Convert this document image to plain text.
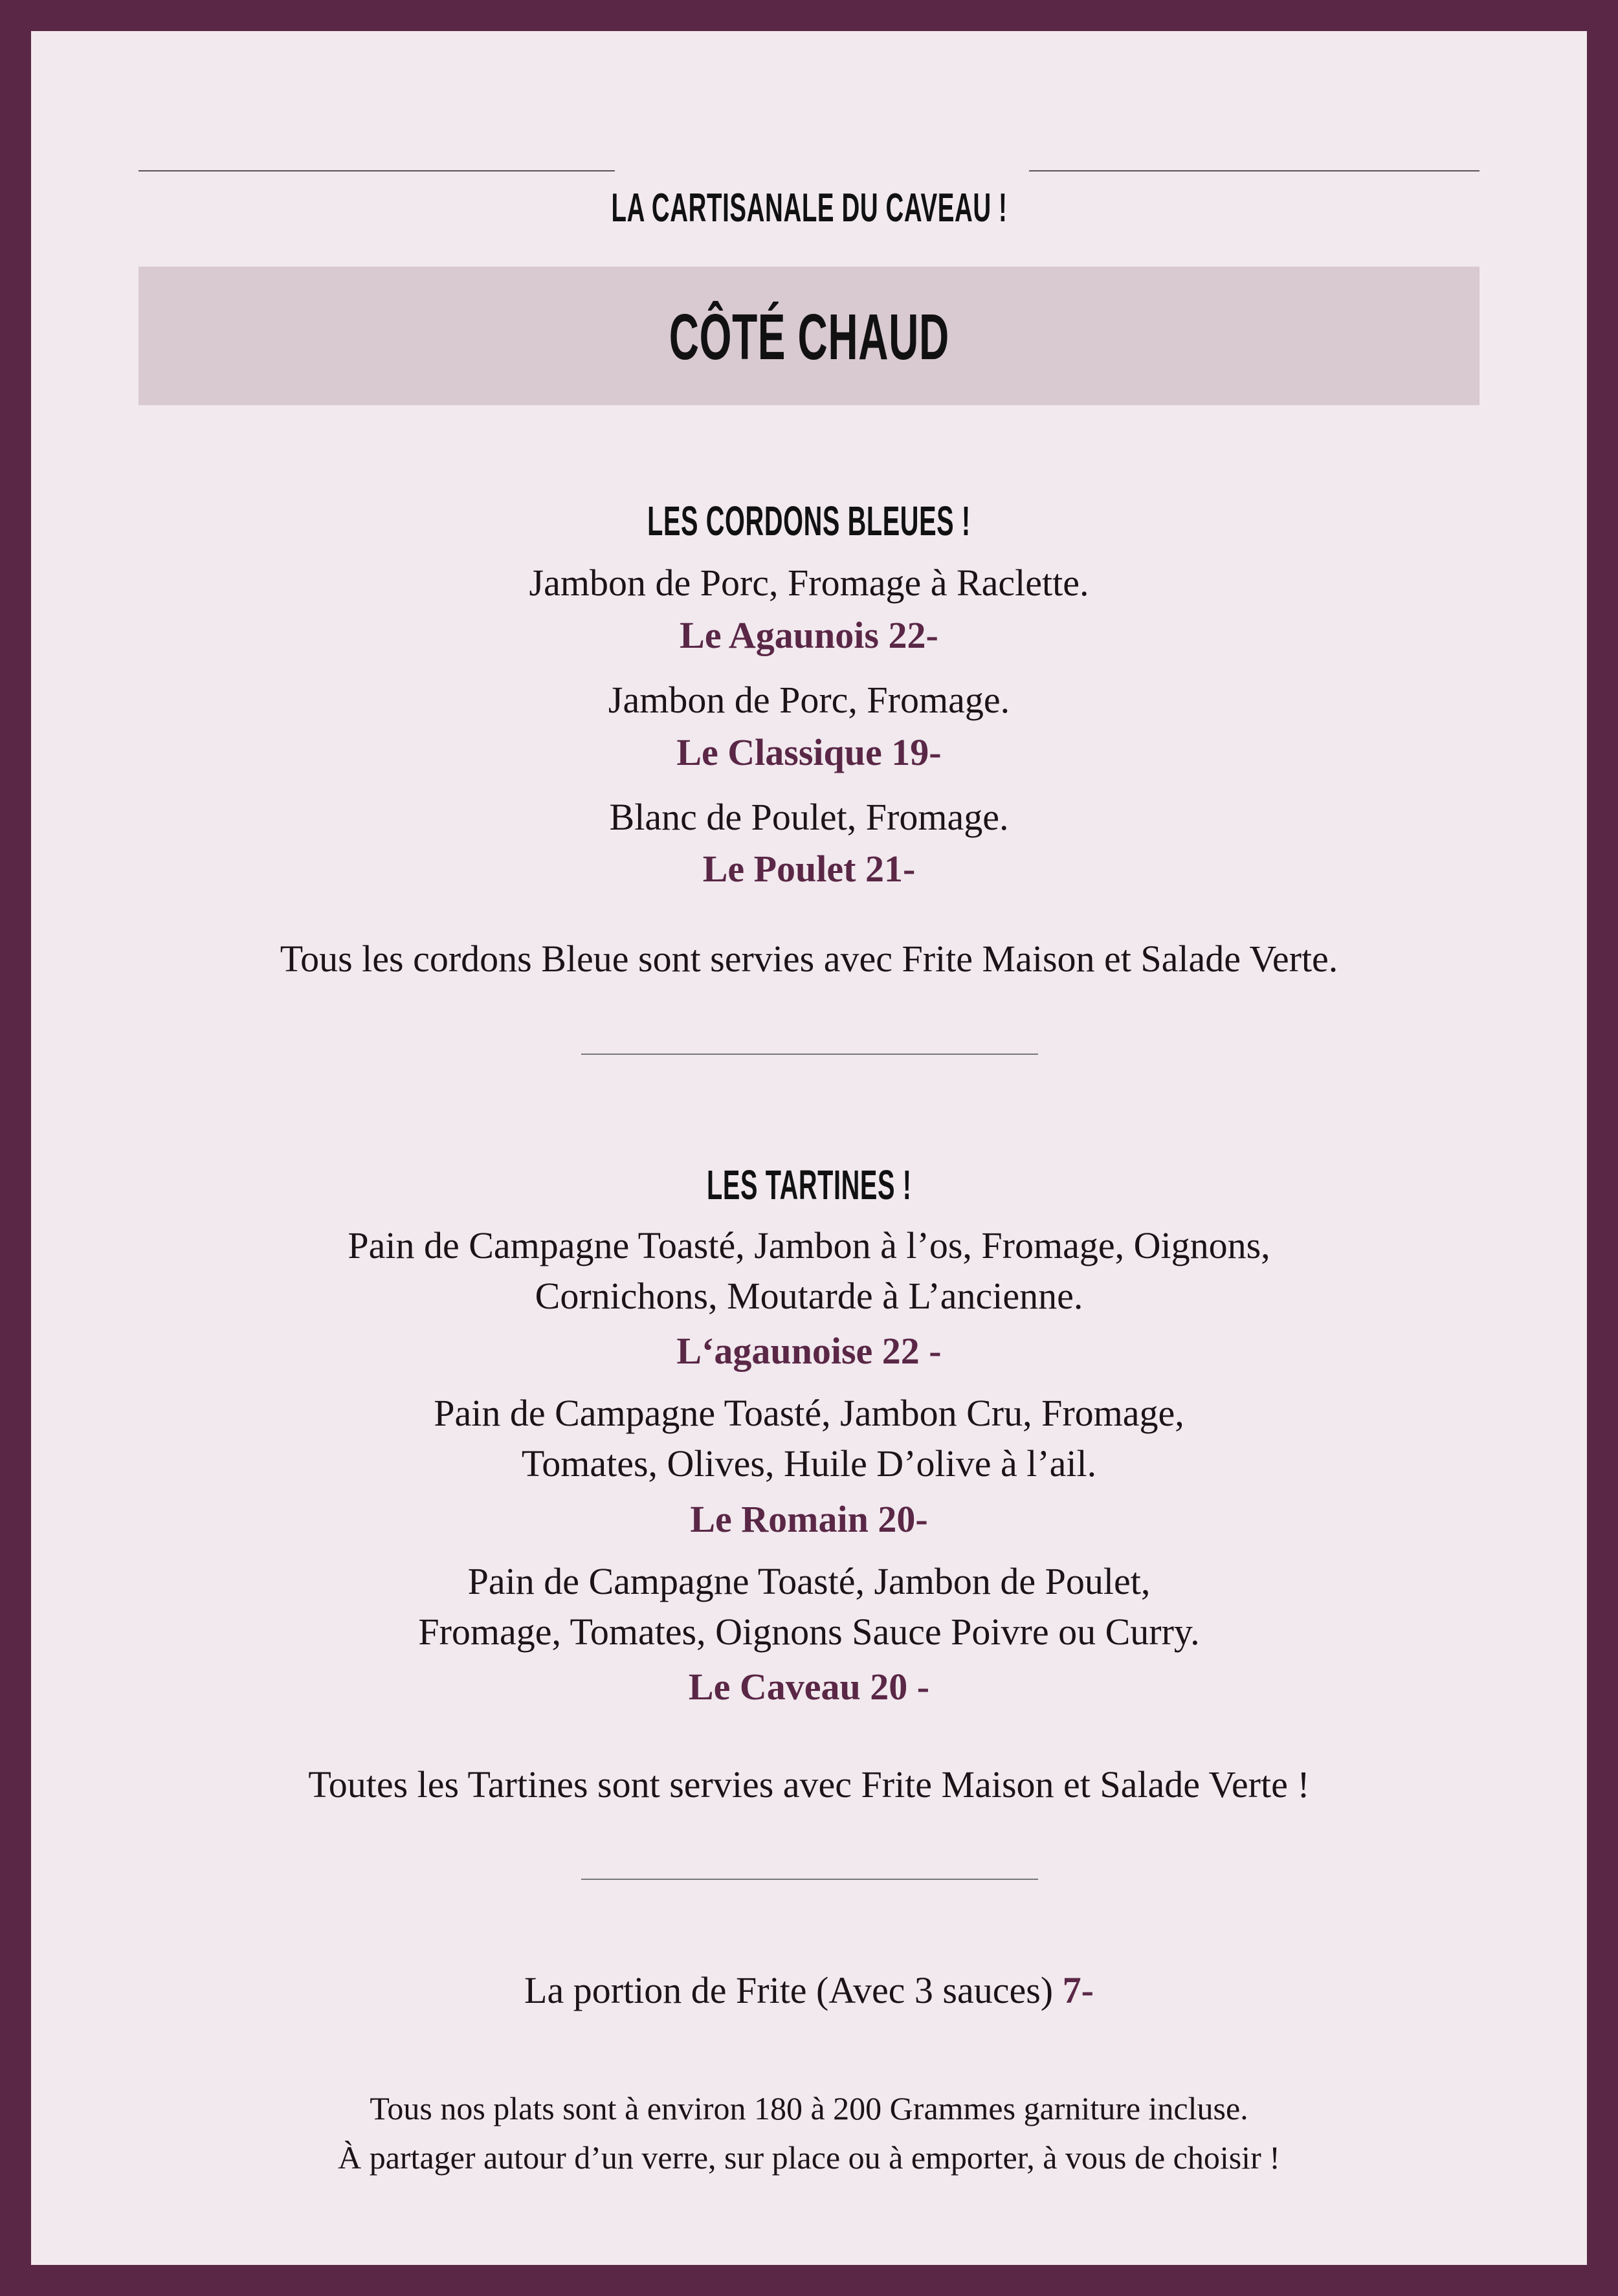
LA CARTISANALE DU CAVEAU !
CÔTÉ CHAUD
LES CORDONS BLEUES !
Jambon de Porc, Fromage à Raclette.
Le Agaunois 22-
Jambon de Porc, Fromage.
Le Classique 19-
Blanc de Poulet, Fromage.
Le Poulet 21-
Tous les cordons Bleue sont servies avec Frite Maison et Salade Verte.
LES TARTINES !
Pain de Campagne Toasté, Jambon à l’os, Fromage, Oignons,
Cornichons, Moutarde à L’ancienne.
L‘agaunoise 22 -
Pain de Campagne Toasté, Jambon Cru, Fromage,
Tomates, Olives, Huile D’olive à l’ail.
Le Romain 20-
Pain de Campagne Toasté, Jambon de Poulet,
Fromage, Tomates, Oignons Sauce Poivre ou Curry.
Le Caveau 20 -
Toutes les Tartines sont servies avec Frite Maison et Salade Verte !
La portion de Frite (Avec 3 sauces) 7-
Tous nos plats sont à environ 180 à 200 Grammes garniture incluse.
À partager autour d’un verre, sur place ou à emporter, à vous de choisir !
